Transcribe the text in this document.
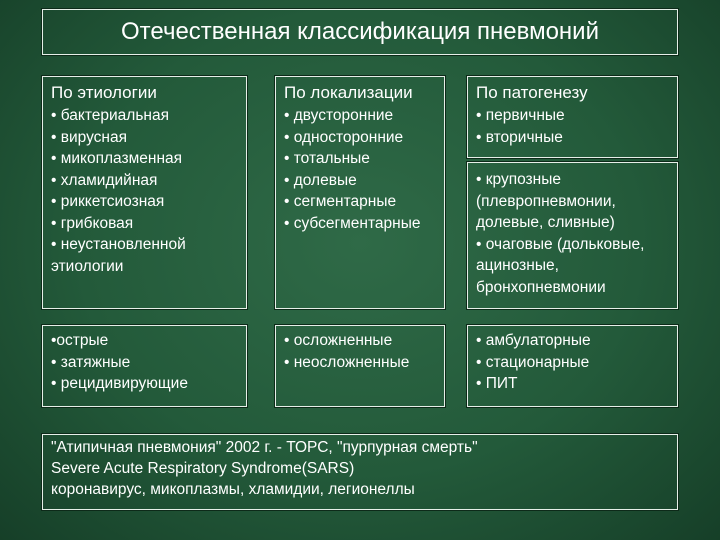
Отечественная классификация пневмоний
По этиологии
• бактериальная
• вирусная
• микоплазменная
• хламидийная
• риккетсиозная
• грибковая
• неустановленной этиологии
По локализации
• двусторонние
• односторонние
• тотальные
• долевые
• сегментарные
• субсегментарные
По патогенезу
• первичные
• вторичные
• крупозные (плевропневмонии, долевые, сливные)
• очаговые (дольковые, ацинозные, бронхопневмонии
•острые
• затяжные
• рецидивирующие
• осложненные
• неосложненные
• амбулаторные
• стационарные
• ПИТ
"Атипичная пневмония" 2002 г. - ТОРС, "пурпурная смерть"
Severe Acute Respiratory Syndrome(SARS)
коронавирус, микоплазмы, хламидии, легионеллы
